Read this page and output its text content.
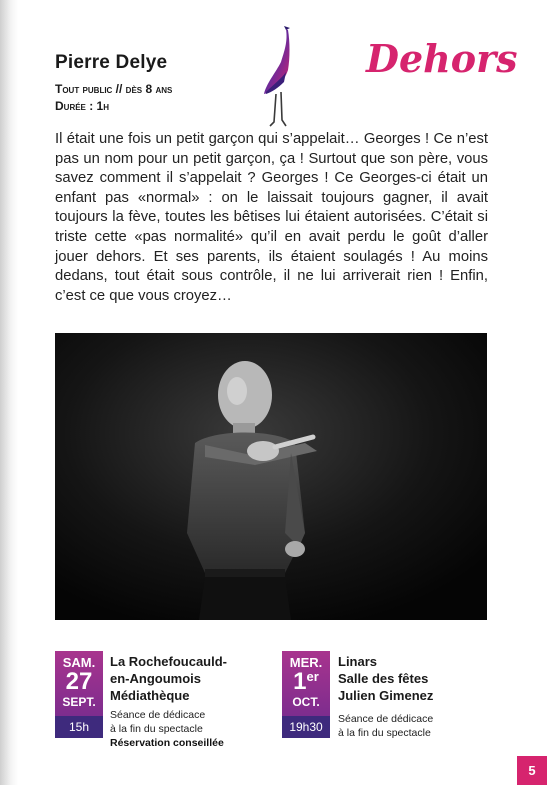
Pierre Delye
Tout public // dès 8 ans
Durée : 1h
Dehors

Il était une fois un petit garçon qui s’appelait… Georges ! Ce n’est pas un nom pour un petit garçon, ça ! Surtout que son père, vous savez comment il s’appelait ? Georges ! Ce Georges-ci était un enfant pas «normal» : on le laissait toujours gagner, il avait toujours la fève, toutes les bêtises lui étaient autorisées. C’était si triste cette «pas normalité» qu’il en avait perdu le goût d’aller jouer dehors. Et ses parents, ils étaient soulagés ! Au moins dedans, tout était sous contrôle, il ne lui arriverait rien ! Enfin, c’est ce que vous croyez…

SAM.
27
SEPT.
15h
La Rochefoucauld-
en-Angoumois
Médiathèque
Séance de dédicace
à la fin du spectacle
Réservation conseillée
MER.
1er
OCT.
19h30
Linars
Salle des fêtes
Julien Gimenez
Séance de dédicace
à la fin du spectacle
5
